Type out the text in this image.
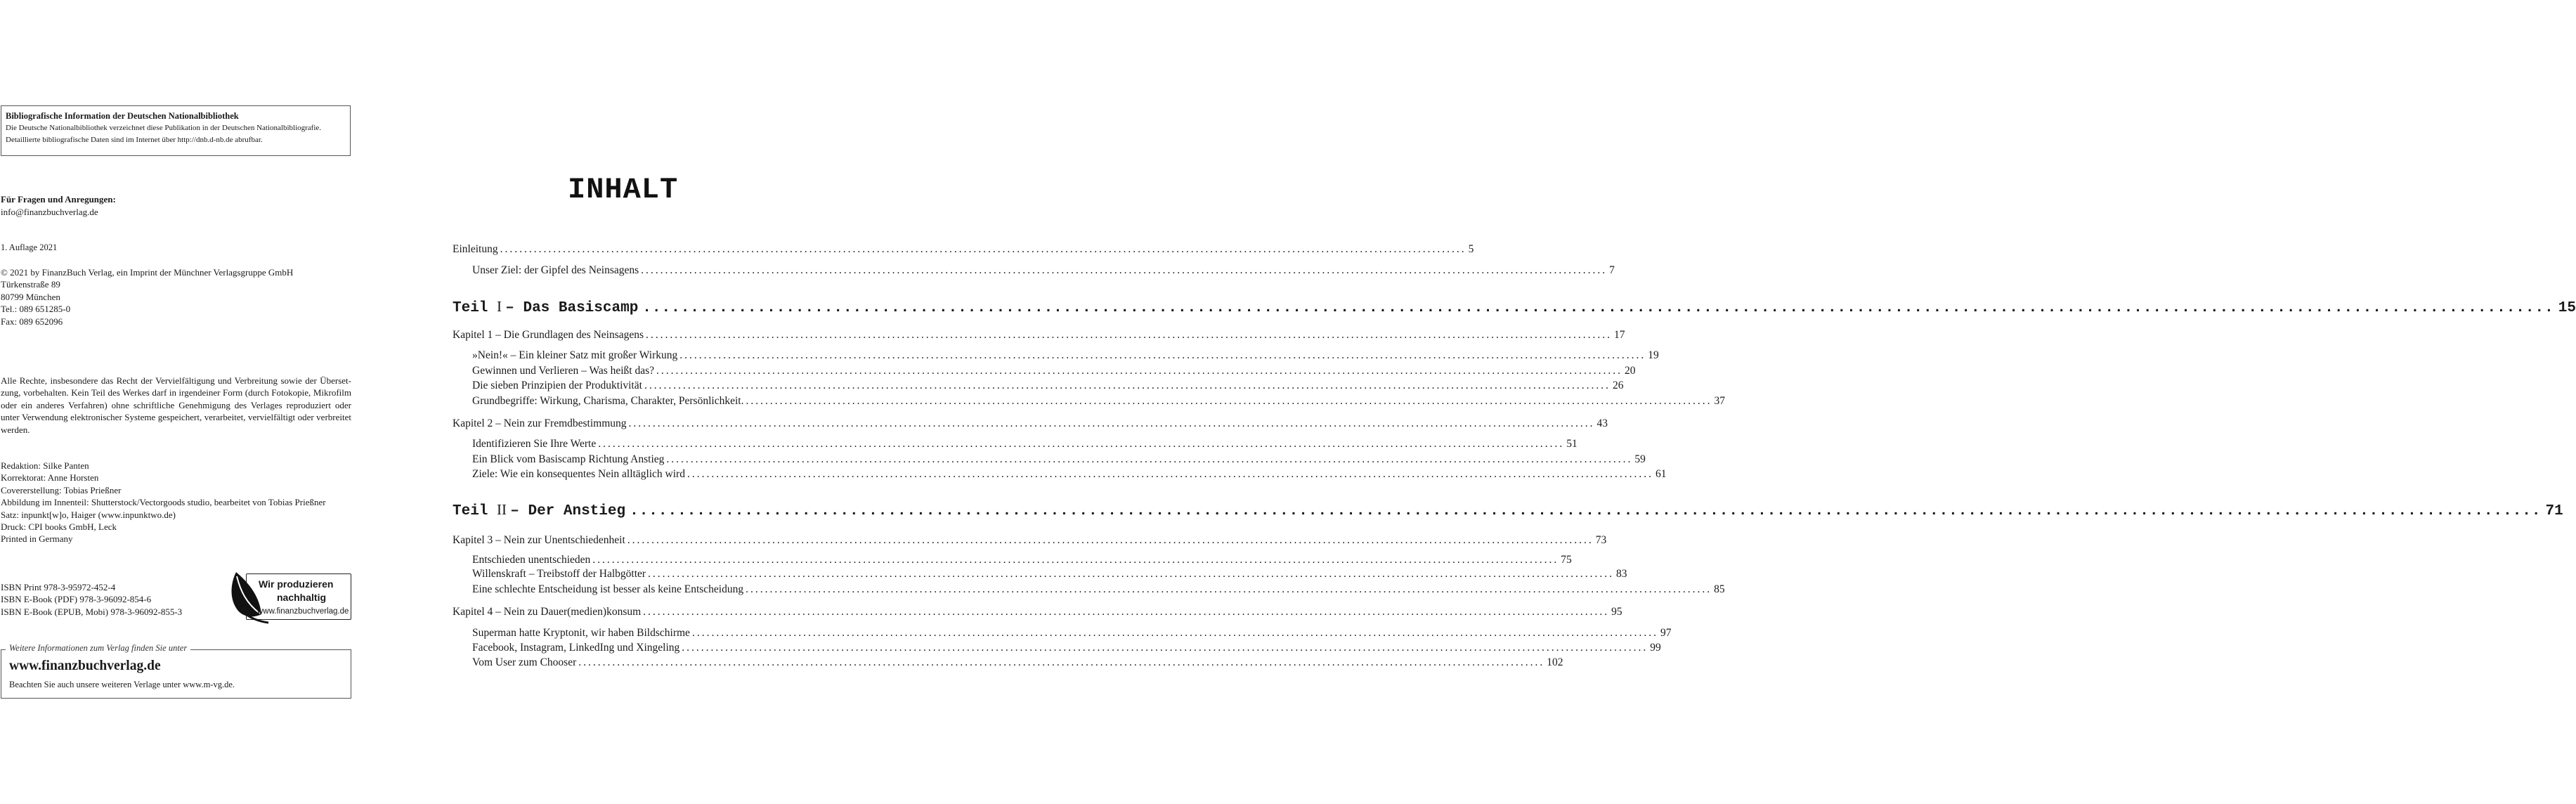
Bibliografische Information der Deutschen Nationalbibliothek
Die Deutsche Nationalbibliothek verzeichnet diese Publikation in der Deutschen Nationalbibliografie.
Detaillierte bibliografische Daten sind im Internet über http://dnb.d-nb.de abrufbar.
Für Fragen und Anregungen:
info@finanzbuchverlag.de
1. Auflage 2021
© 2021 by FinanzBuch Verlag, ein Imprint der Münchner Verlagsgruppe GmbH
Türkenstraße 89
80799 München
Tel.: 089 651285-0
Fax: 089 652096
Alle Rechte, insbesondere das Recht der Vervielfältigung und Verbreitung sowie der Übersetzung, vorbehalten. Kein Teil des Werkes darf in irgendeiner Form (durch Fotokopie, Mikrofilm oder ein anderes Verfahren) ohne schriftliche Genehmigung des Verlages reproduziert oder unter Verwendung elektronischer Systeme gespeichert, verarbeitet, vervielfältigt oder verbreitet werden.
Redaktion: Silke Panten
Korrektorat: Anne Horsten
Covererstellung: Tobias Prießner
Abbildung im Innenteil: Shutterstock/Vectorgoods studio, bearbeitet von Tobias Prießner
Satz: inpunkt[w]o, Haiger (www.inpunktwo.de)
Druck: CPI books GmbH, Leck
Printed in Germany
ISBN Print 978-3-95972-452-4
ISBN E-Book (PDF) 978-3-96092-854-6
ISBN E-Book (EPUB, Mobi) 978-3-96092-855-3
Wir produzieren
nachhaltig
www.finanzbuchverlag.de
Weitere Informationen zum Verlag finden Sie unter
www.finanzbuchverlag.de
Beachten Sie auch unsere weiteren Verlage unter www.m-vg.de.
INHALT
Einleitung ........................................................................................................................................................................................................ 5
Unser Ziel: der Gipfel des Neinsagens ........................................................................................................................................................................................................ 7
Teil I – Das Basiscamp ........................................................................................................................................................................................................ 15
Kapitel 1 – Die Grundlagen des Neinsagens ........................................................................................................................................................................................................ 17
»Nein!« – Ein kleiner Satz mit großer Wirkung ........................................................................................................................................................................................................ 19
Gewinnen und Verlieren – Was heißt das? ........................................................................................................................................................................................................ 20
Die sieben Prinzipien der Produktivität ........................................................................................................................................................................................................ 26
Grundbegriffe: Wirkung, Charisma, Charakter, Persönlichkeit. ........................................................................................................................................................................................................ 37
Kapitel 2 – Nein zur Fremdbestimmung ........................................................................................................................................................................................................ 43
Identifizieren Sie Ihre Werte ........................................................................................................................................................................................................ 51
Ein Blick vom Basiscamp Richtung Anstieg ........................................................................................................................................................................................................ 59
Ziele: Wie ein konsequentes Nein alltäglich wird ........................................................................................................................................................................................................ 61
Teil II – Der Anstieg ........................................................................................................................................................................................................ 71
Kapitel 3 – Nein zur Unentschiedenheit ........................................................................................................................................................................................................ 73
Entschieden unentschieden ........................................................................................................................................................................................................ 75
Willenskraft – Treibstoff der Halbgötter ........................................................................................................................................................................................................ 83
Eine schlechte Entscheidung ist besser als keine Entscheidung ........................................................................................................................................................................................................ 85
Kapitel 4 – Nein zu Dauer(medien)konsum ........................................................................................................................................................................................................ 95
Superman hatte Kryptonit, wir haben Bildschirme ........................................................................................................................................................................................................ 97
Facebook, Instagram, LinkedIng und Xingeling ........................................................................................................................................................................................................ 99
Vom User zum Chooser ........................................................................................................................................................................................................ 102
